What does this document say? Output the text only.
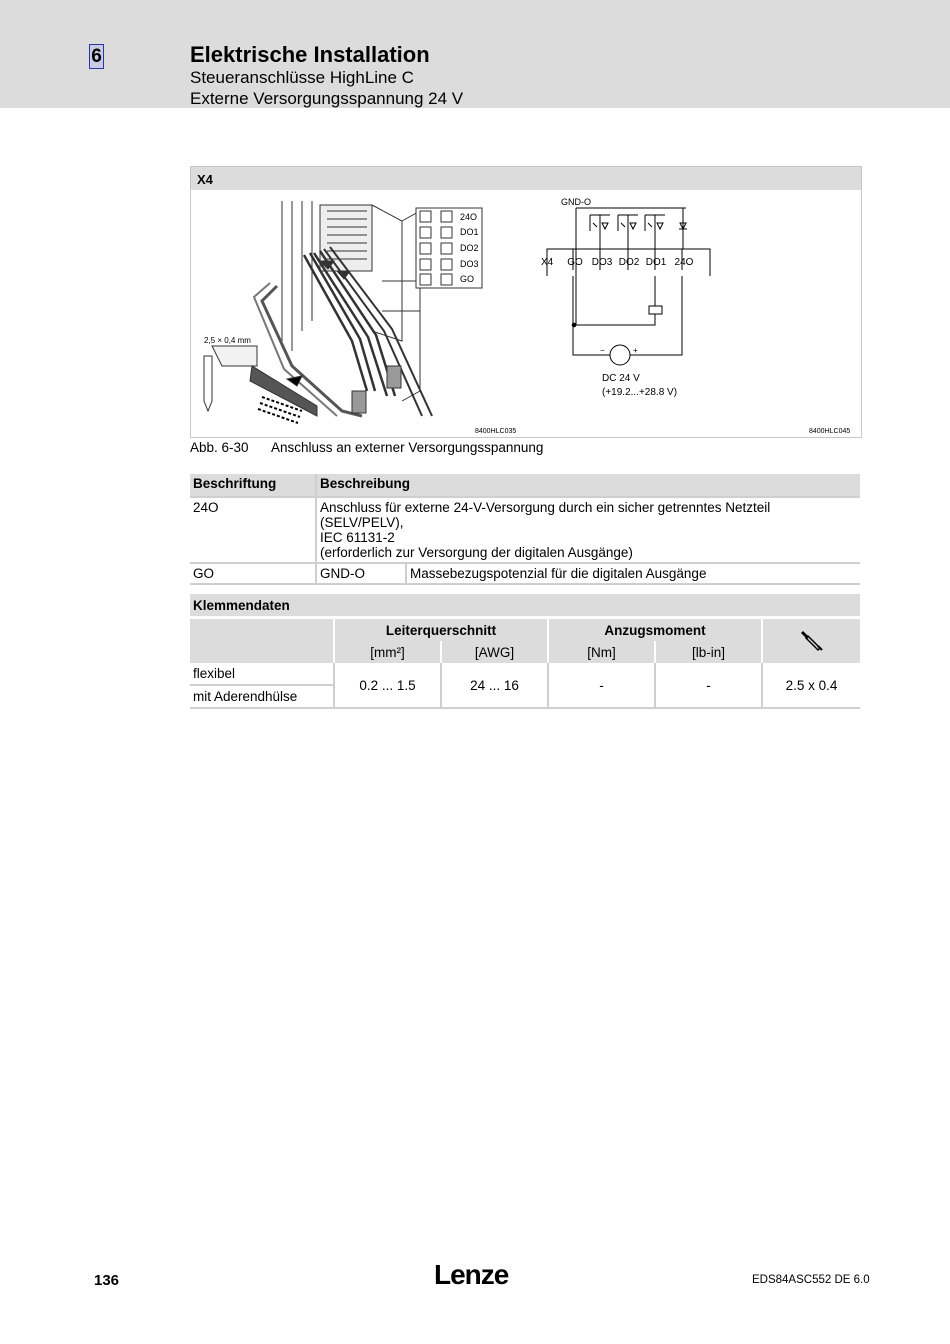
6	Elektrische Installation
Steueranschlüsse HighLine C
Externe Versorgungsspannung 24 V
X4
2,5 × 0,4 mm
24O
DO1
DO2
DO3
GO
8400HLC035
GND-O
X4 GO DO3 DO2 DO1 24O
−	+
DC 24 V
(+19.2...+28.8 V)
8400HLC045
Abb. 6-30 Anschluss an externer Versorgungsspannung
Beschriftung	Beschreibung	
24O	Anschluss für externe 24-V-Versorgung durch ein sicher getrenntes Netzteil (SELV/PELV),
IEC 61131-2
(erforderlich zur Versorgung der digitalen Ausgänge)	

GO	GND-O	Massebezugspotenzial für die digitalen Ausgänge
Klemmendaten					
	Leiterquerschnitt		Anzugsmoment	
	[mm²]	[AWG]	[Nm]	[lb-in]	
flexibel	0.2 ... 1.5	24 ... 16	-	-	2.5 x 0.4
mit Aderendhülse					
136	Lenze	EDS84ASC552 DE 6.0
